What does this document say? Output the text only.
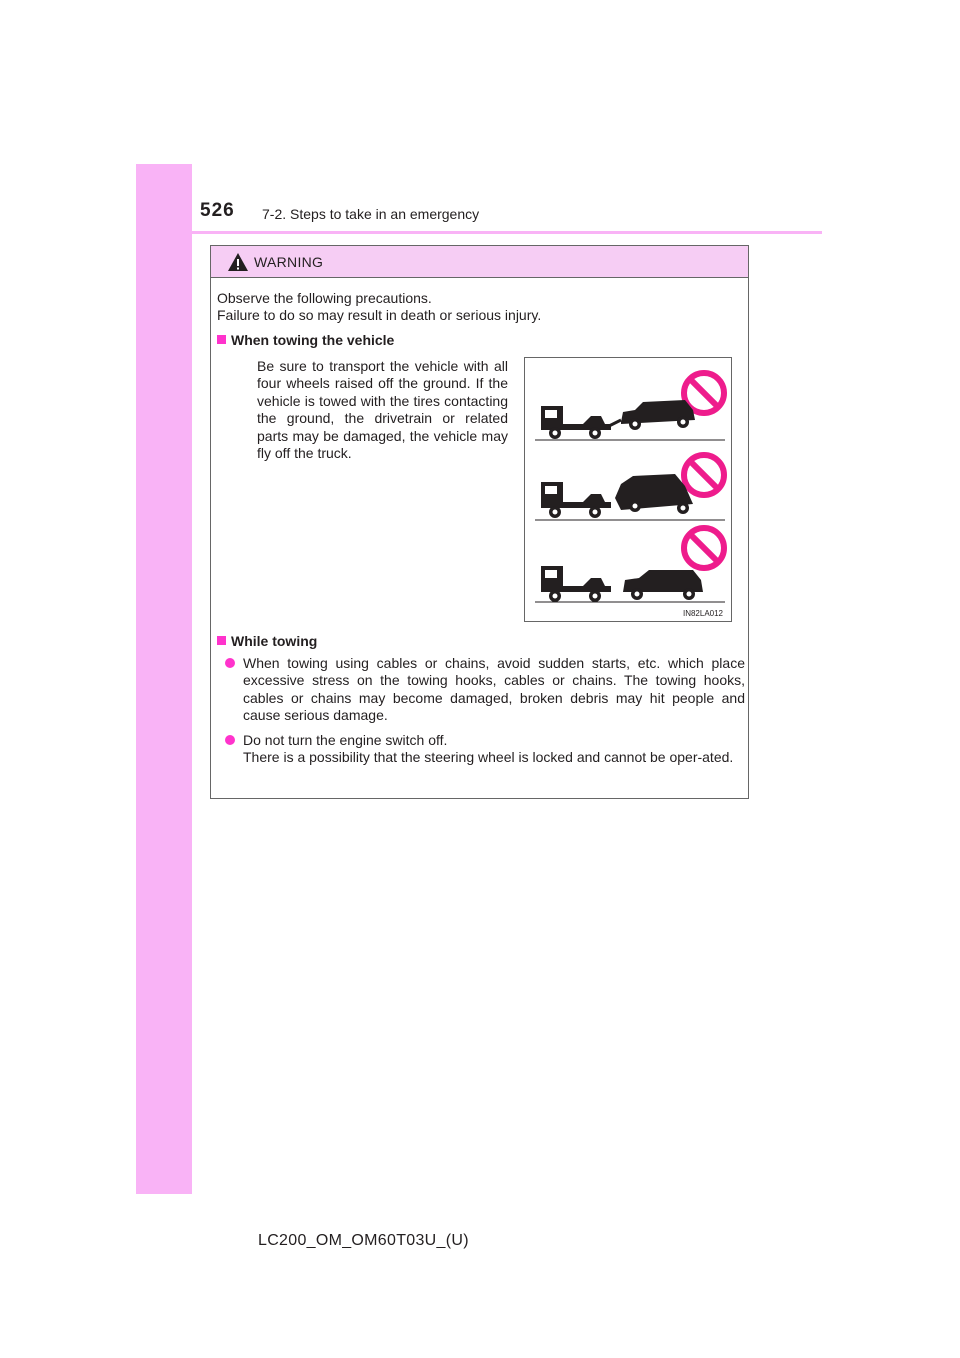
526 7-2. Steps to take in an emergency
WARNING
Observe the following precautions.
Failure to do so may result in death or serious injury.
When towing the vehicle
Be sure to transport the vehicle with all four wheels raised off the ground. If the vehicle is towed with the tires contacting the ground, the drivetrain or related parts may be damaged, the vehicle may fly off the truck.
IN82LA012
While towing
When towing using cables or chains, avoid sudden starts, etc. which place excessive stress on the towing hooks, cables or chains. The towing hooks, cables or chains may become damaged, broken debris may hit people and cause serious damage.
Do not turn the engine switch off.
There is a possibility that the steering wheel is locked and cannot be oper-ated.
LC200_OM_OM60T03U_(U)
